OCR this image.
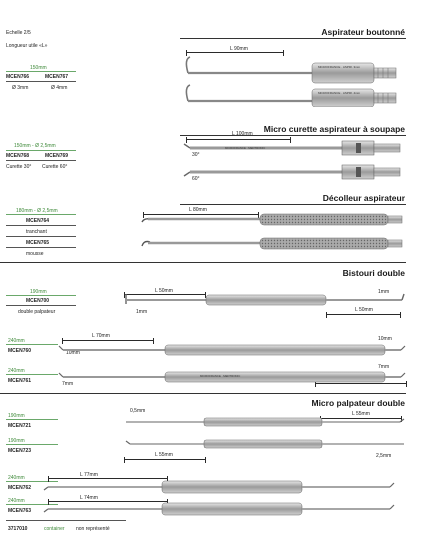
Echelle 2/5
Longueur utile «L»
Aspirateur boutonné
L 90mm
150mm
MCEN766	MCEN767
Ø 3mm	Ø 4mm
MICROFRANCE · ASPIR. 3mm
MICROFRANCE · ASPIR. 4mm
Micro curette aspirateur à soupape
L 100mm
150mm - Ø 2,5mm
MCEN768	MCEN769
Curette 30° Curette 60°
30°
60°
MICROFRANCE · MEDTRONIC
Décolleur aspirateur
L 80mm
180mm - Ø 2,5mm
MCEN764
tranchant
MCEN765
mousse
Bistouri double
190mm
MCEN700
double palpateur
L 50mm
L 50mm
1mm
1mm
240mm
MCEN760
L 70mm
10mm
10mm
240mm
MCEN761	7mm
7mm
MICROFRANCE · MEDTRONIC
Micro palpateur double
190mm
MCEN721
0,5mm	L 55mm
190mm
MCEN723
L 55mm	2,5mm
240mm
MCEN762
L 77mm
240mm
MCEN763
L 74mm
3717010	container non représenté
